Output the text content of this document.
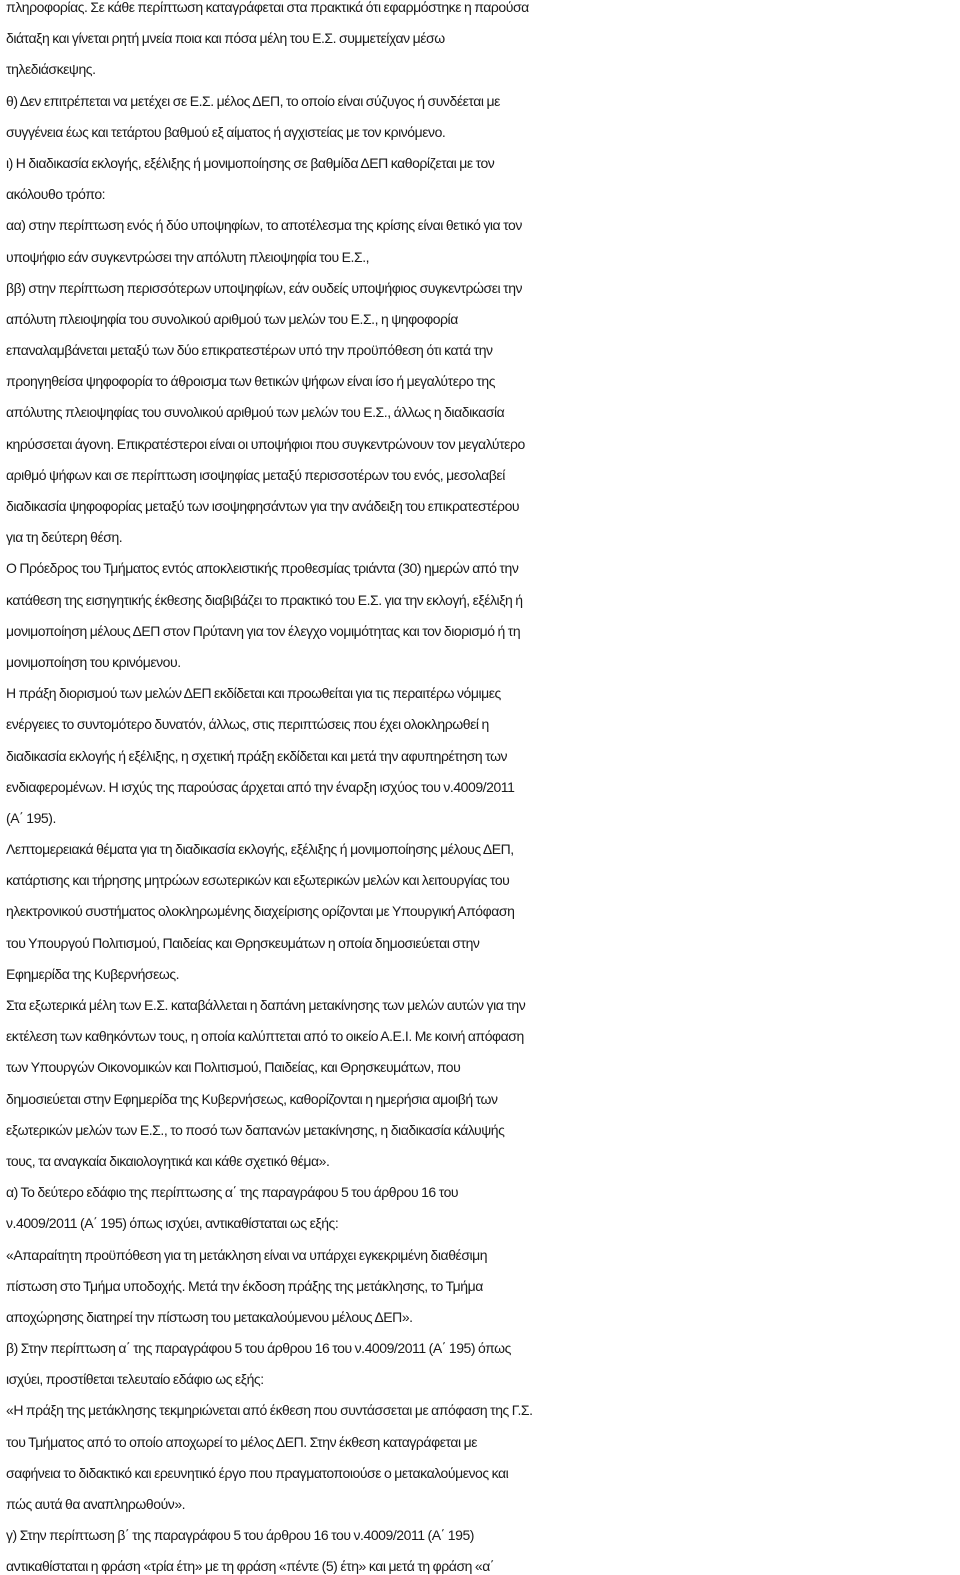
πληροφορίας. Σε κάθε περίπτωση καταγράφεται στα πρακτικά ότι εφαρμόστηκε η παρούσα
διάταξη και γίνεται ρητή μνεία ποια και πόσα μέλη του Ε.Σ. συμμετείχαν μέσω
τηλεδιάσκεψης.
θ) Δεν επιτρέπεται να μετέχει σε Ε.Σ. μέλος ΔΕΠ, το οποίο είναι σύζυγος ή συνδέεται με
συγγένεια έως και τετάρτου βαθμού εξ αίματος ή αγχιστείας με τον κρινόμενο.
ι) Η διαδικασία εκλογής, εξέλιξης ή μονιμοποίησης σε βαθμίδα ΔΕΠ καθορίζεται με τον
ακόλουθο τρόπο:
αα) στην περίπτωση ενός ή δύο υποψηφίων, το αποτέλεσμα της κρίσης είναι θετικό για τον
υποψήφιο εάν συγκεντρώσει την απόλυτη πλειοψηφία του Ε.Σ.,
ββ) στην περίπτωση περισσότερων υποψηφίων, εάν ουδείς υποψήφιος συγκεντρώσει την
απόλυτη πλειοψηφία του συνολικού αριθμού των μελών του Ε.Σ., η ψηφοφορία
επαναλαμβάνεται μεταξύ των δύο επικρατεστέρων υπό την προϋπόθεση ότι κατά την
προηγηθείσα ψηφοφορία το άθροισμα των θετικών ψήφων είναι ίσο ή μεγαλύτερο της
απόλυτης πλειοψηφίας του συνολικού αριθμού των μελών του Ε.Σ., άλλως η διαδικασία
κηρύσσεται άγονη. Επικρατέστεροι είναι οι υποψήφιοι που συγκεντρώνουν τον μεγαλύτερο
αριθμό ψήφων και σε περίπτωση ισοψηφίας μεταξύ περισσοτέρων του ενός, μεσολαβεί
διαδικασία ψηφοφορίας μεταξύ των ισοψηφησάντων για την ανάδειξη του επικρατεστέρου
για τη δεύτερη θέση.
Ο Πρόεδρος του Τμήματος εντός αποκλειστικής προθεσμίας τριάντα (30) ημερών από την
κατάθεση της εισηγητικής έκθεσης διαβιβάζει το πρακτικό του Ε.Σ. για την εκλογή, εξέλιξη ή
μονιμοποίηση μέλους ΔΕΠ στον Πρύτανη για τον έλεγχο νομιμότητας και τον διορισμό ή τη
μονιμοποίηση του κρινόμενου.
Η πράξη διορισμού των μελών ΔΕΠ εκδίδεται και προωθείται για τις περαιτέρω νόμιμες
ενέργειες το συντομότερο δυνατόν, άλλως, στις περιπτώσεις που έχει ολοκληρωθεί η
διαδικασία εκλογής ή εξέλιξης, η σχετική πράξη εκδίδεται και μετά την αφυπηρέτηση των
ενδιαφερομένων. Η ισχύς της παρούσας άρχεται από την έναρξη ισχύος του ν.4009/2011
(Α΄ 195).
Λεπτομερειακά θέματα για τη διαδικασία εκλογής, εξέλιξης ή μονιμοποίησης μέλους ΔΕΠ,
κατάρτισης και τήρησης μητρώων εσωτερικών και εξωτερικών μελών και λειτουργίας του
ηλεκτρονικού συστήματος ολοκληρωμένης διαχείρισης ορίζονται με Υπουργική Απόφαση
του Υπουργού Πολιτισμού, Παιδείας και Θρησκευμάτων η οποία δημοσιεύεται στην
Εφημερίδα της Κυβερνήσεως.
Στα εξωτερικά μέλη των Ε.Σ. καταβάλλεται η δαπάνη μετακίνησης των μελών αυτών για την
εκτέλεση των καθηκόντων τους, η οποία καλύπτεται από το οικείο Α.Ε.Ι. Με κοινή απόφαση
των Υπουργών Οικονομικών και Πολιτισμού, Παιδείας, και Θρησκευμάτων, που
δημοσιεύεται στην Εφημερίδα της Κυβερνήσεως, καθορίζονται η ημερήσια αμοιβή των
εξωτερικών μελών των Ε.Σ., το ποσό των δαπανών μετακίνησης, η διαδικασία κάλυψής
τους, τα αναγκαία δικαιολογητικά και κάθε σχετικό θέμα».
α) Το δεύτερο εδάφιο της περίπτωσης α΄ της παραγράφου 5 του άρθρου 16 του
ν.4009/2011 (Α΄ 195) όπως ισχύει, αντικαθίσταται ως εξής:
«Απαραίτητη προϋπόθεση για τη μετάκληση είναι να υπάρχει εγκεκριμένη διαθέσιμη
πίστωση στο Τμήμα υποδοχής. Μετά την έκδοση πράξης της μετάκλησης, το Τμήμα
αποχώρησης διατηρεί την πίστωση του μετακαλούμενου μέλους ΔΕΠ».
β) Στην περίπτωση α΄ της παραγράφου 5 του άρθρου 16 του ν.4009/2011 (Α΄ 195) όπως
ισχύει, προστίθεται τελευταίο εδάφιο ως εξής:
«Η πράξη της μετάκλησης τεκμηριώνεται από έκθεση που συντάσσεται με απόφαση της Γ.Σ.
του Τμήματος από το οποίο αποχωρεί το μέλος ΔΕΠ. Στην έκθεση καταγράφεται με
σαφήνεια το διδακτικό και ερευνητικό έργο που πραγματοποιούσε ο μετακαλούμενος και
πώς αυτά θα αναπληρωθούν».
γ) Στην περίπτωση β΄ της παραγράφου 5 του άρθρου 16 του ν.4009/2011 (Α΄ 195)
αντικαθίσταται η φράση «τρία έτη» με τη φράση «πέντε (5) έτη» και μετά τη φράση «α΄
